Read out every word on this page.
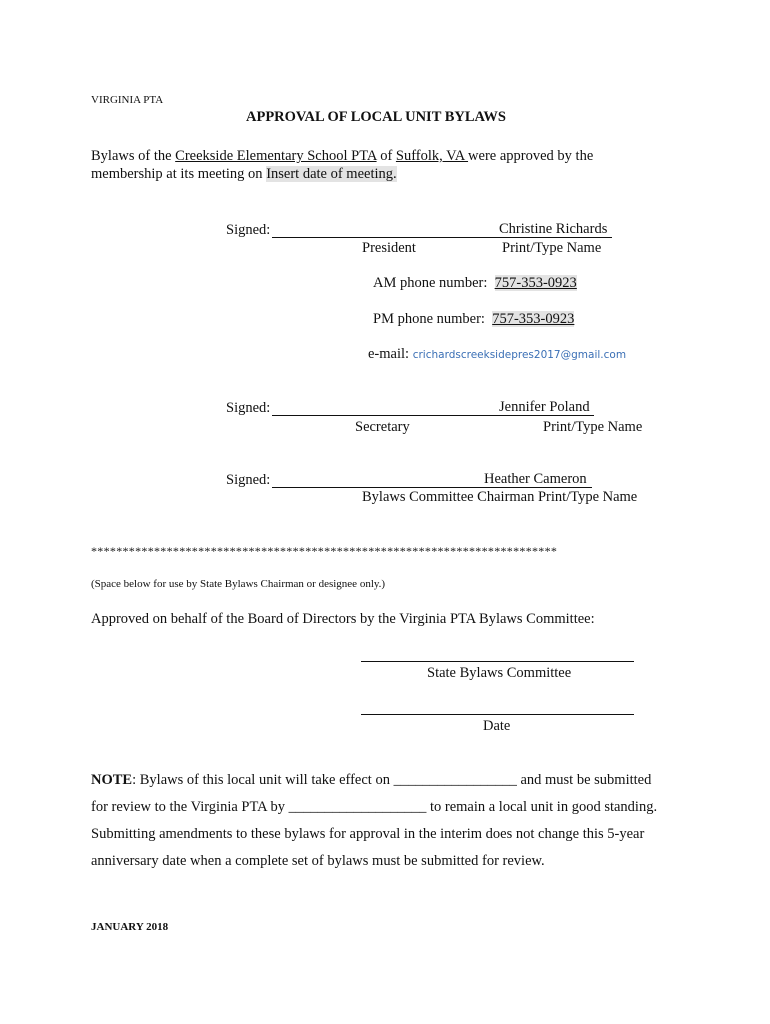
VIRGINIA PTA
APPROVAL OF LOCAL UNIT BYLAWS
Bylaws of the Creekside Elementary School PTA of Suffolk, VA were approved by the
membership at its meeting on Insert date of meeting.
Signed:	Christine Richards
President	Print/Type Name
AM phone number: 757-353-0923
PM phone number: 757-353-0923
e-mail: crichardscreeksidepres2017@gmail.com
Signed:	Jennifer Poland
Secretary	Print/Type Name
Signed:	Heather Cameron
Bylaws Committee Chairman Print/Type Name
**************************************************************************
(Space below for use by State Bylaws Chairman or designee only.)
Approved on behalf of the Board of Directors by the Virginia PTA Bylaws Committee:
State Bylaws Committee
Date
NOTE: Bylaws of this local unit will take effect on _________________ and must be submitted
for review to the Virginia PTA by ___________________ to remain a local unit in good standing.
Submitting amendments to these bylaws for approval in the interim does not change this 5-year
anniversary date when a complete set of bylaws must be submitted for review.
JANUARY 2018
